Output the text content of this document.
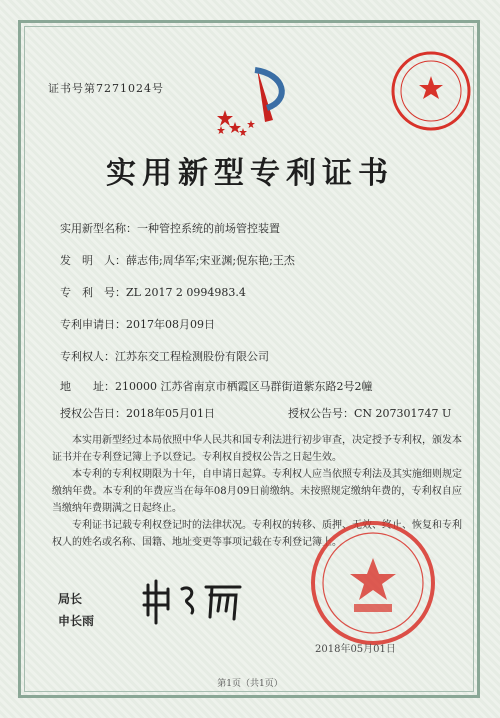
证书号第7271024号
实用新型专利证书
实用新型名称：一种管控系统的前场管控装置
发　明　人：薛志伟;周华军;宋亚渊;倪东艳;王杰
专　利　号：ZL 2017 2 0994983.4
专利申请日：2017年08月09日
专利权人：江苏东交工程检测股份有限公司
地　　址：210000 江苏省南京市栖霞区马群街道紫东路2号2幢
授权公告日：2018年05月01日	授权公告号：CN 207301747 U

本实用新型经过本局依照中华人民共和国专利法进行初步审查，决定授予专利权，颁发本证书并在专利登记簿上予以登记。专利权自授权公告之日起生效。

本专利的专利权期限为十年，自申请日起算。专利权人应当依照专利法及其实施细则规定缴纳年费。本专利的年费应当在每年08月09日前缴纳。未按照规定缴纳年费的，专利权自应当缴纳年费期满之日起终止。

专利证书记载专利权登记时的法律状况。专利权的转移、质押、无效、终止、恢复和专利权人的姓名或名称、国籍、地址变更等事项记载在专利登记簿上。

局长
申长雨
2018年05月01日
第1页（共1页）
